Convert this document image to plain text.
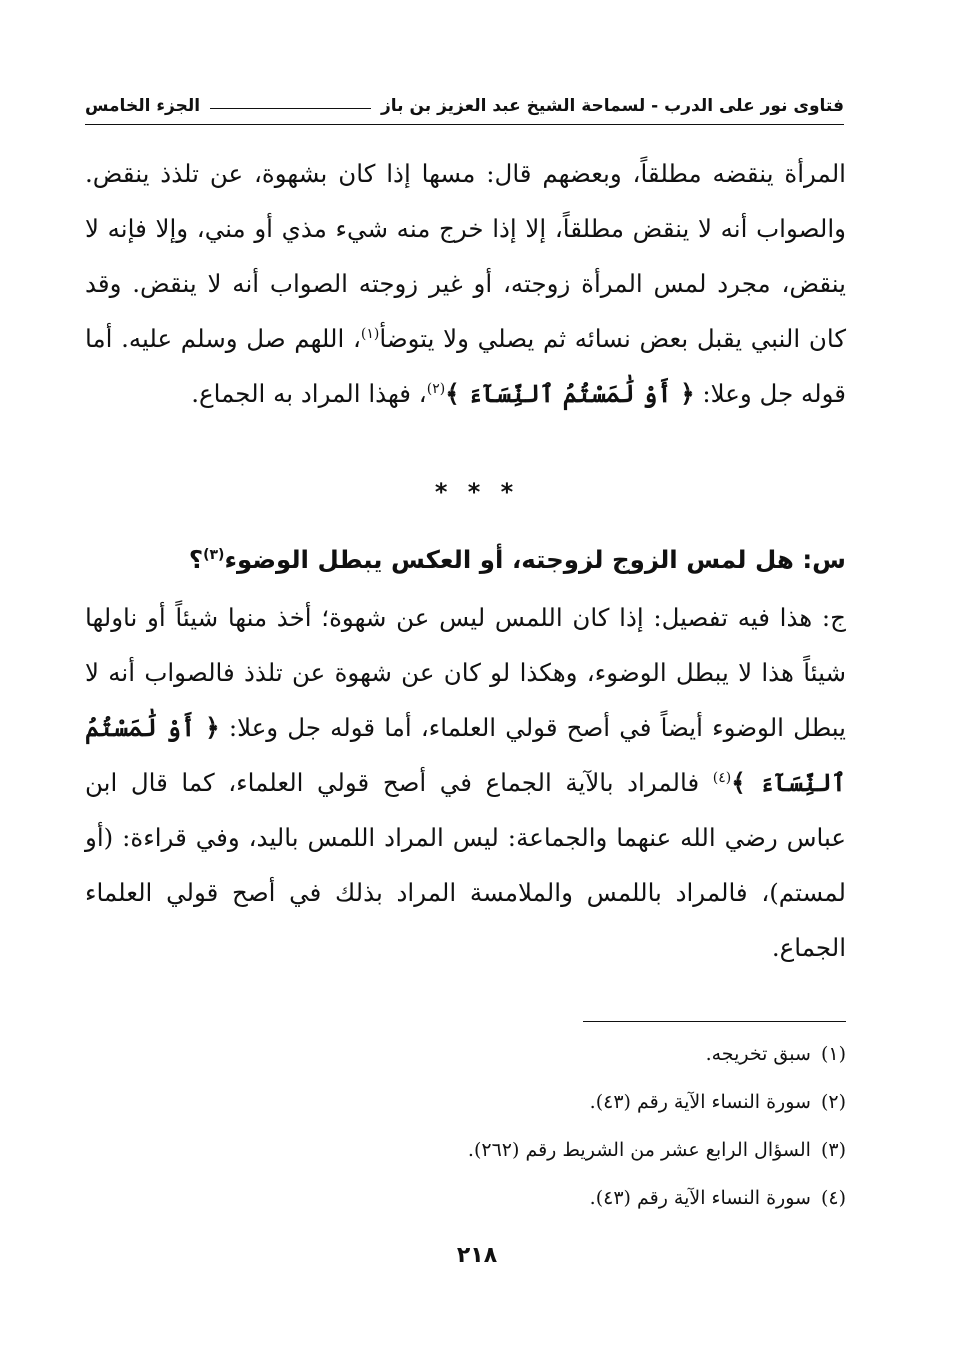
فتاوى نور على الدرب - لسماحة الشيخ عبد العزيز بن باز
الجزء الخامس

المرأة ينقضه مطلقاً، وبعضهم قال: مسها إذا كان بشهوة، عن تلذذ ينقض. والصواب أنه لا ينقض مطلقاً، إلا إذا خرج منه شيء مذي أو مني، وإلا فإنه لا ينقض، مجرد لمس المرأة زوجته، أو غير زوجته الصواب أنه لا ينقض. وقد كان النبي يقبل بعض نسائه ثم يصلي ولا يتوضأ$^{(١)}$، اللهم صل وسلم عليه. أما قوله جل وعلا: ﴿ أَوْ لَٰمَسْتُمُ ٱلنِّسَآءَ ﴾$^{(٢)}$، فهذا المراد به الجماع.

* * *
س: هل لمس الزوج لزوجته، أو العكس يبطل الوضوء$^{(٣)}$؟

ج: هذا فيه تفصيل: إذا كان اللمس ليس عن شهوة؛ أخذ منها شيئاً أو ناولها شيئاً هذا لا يبطل الوضوء، وهكذا لو كان عن شهوة عن تلذذ فالصواب أنه لا يبطل الوضوء أيضاً في أصح قولي العلماء، أما قوله جل وعلا: ﴿ أَوْ لَٰمَسْتُمُ ٱلنِّسَآءَ ﴾$^{(٤)}$ فالمراد بالآية الجماع في أصح قولي العلماء، كما قال ابن عباس رضي الله عنهما والجماعة: ليس المراد اللمس باليد، وفي قراءة: (أو لمستم)، فالمراد باللمس والملامسة المراد بذلك في أصح قولي العلماء الجماع.

(١)سبق تخريجه.
(٢)سورة النساء الآية رقم (٤٣).
(٣)السؤال الرابع عشر من الشريط رقم (٢٦٢).
(٤)سورة النساء الآية رقم (٤٣).
٢١٨
